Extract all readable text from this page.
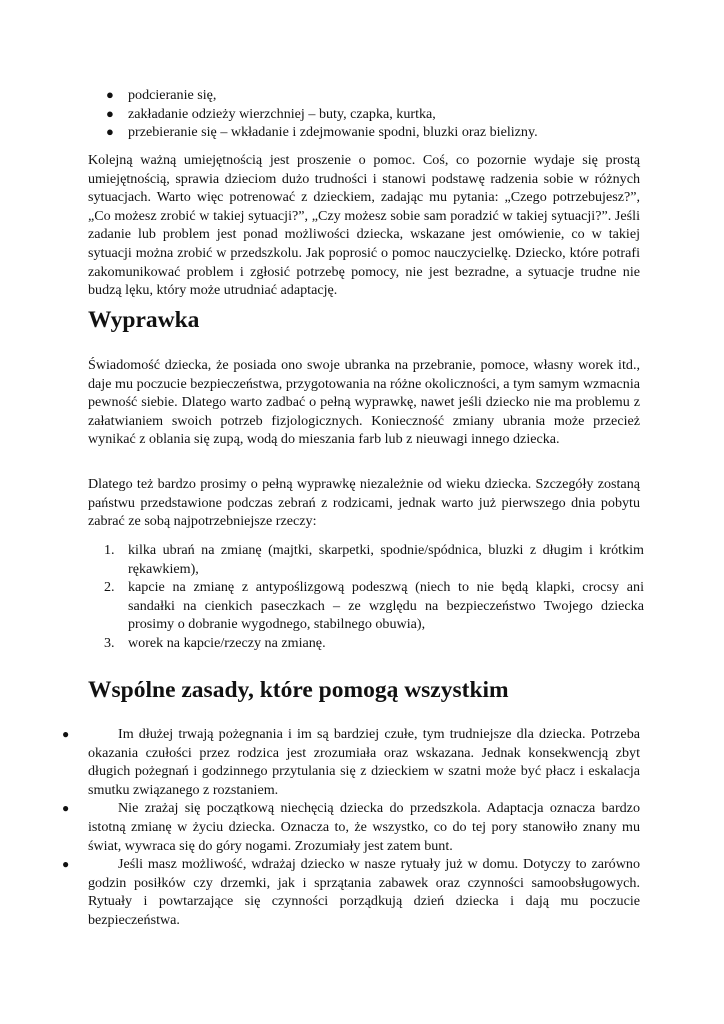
● podcieranie się,
● zakładanie odzieży wierzchniej – buty, czapka, kurtka,
● przebieranie się – wkładanie i zdejmowanie spodni, bluzki oraz bielizny.

Kolejną ważną umiejętnością jest proszenie o pomoc. Coś, co pozornie wydaje się prostą umiejętnością, sprawia dzieciom dużo trudności i stanowi podstawę radzenia sobie w różnych sytuacjach. Warto więc potrenować z dzieckiem, zadając mu pytania: „Czego potrzebujesz?”, „Co możesz zrobić w takiej sytuacji?”, „Czy możesz sobie sam poradzić w takiej sytuacji?”. Jeśli zadanie lub problem jest ponad możliwości dziecka, wskazane jest omówienie, co w takiej sytuacji można zrobić w przedszkolu. Jak poprosić o pomoc nauczycielkę. Dziecko, które potrafi zakomunikować problem i zgłosić potrzebę pomocy, nie jest bezradne, a sytuacje trudne nie budzą lęku, który może utrudniać adaptację.

Wyprawka

Świadomość dziecka, że posiada ono swoje ubranka na przebranie, pomoce, własny worek itd., daje mu poczucie bezpieczeństwa, przygotowania na różne okoliczności, a tym samym wzmacnia pewność siebie. Dlatego warto zadbać o pełną wyprawkę, nawet jeśli dziecko nie ma problemu z załatwianiem swoich potrzeb fizjologicznych. Konieczność zmiany ubrania może przecież wynikać z oblania się zupą, wodą do mieszania farb lub z nieuwagi innego dziecka.

Dlatego też bardzo prosimy o pełną wyprawkę niezależnie od wieku dziecka. Szczegóły zostaną państwu przedstawione podczas zebrań z rodzicami, jednak warto już pierwszego dnia pobytu zabrać ze sobą najpotrzebniejsze rzeczy:

1. kilka ubrań na zmianę (majtki, skarpetki, spodnie/spódnica, bluzki z długim i krótkim rękawkiem),
2. kapcie na zmianę z antypoślizgową podeszwą (niech to nie będą klapki, crocsy ani sandałki na cienkich paseczkach – ze względu na bezpieczeństwo Twojego dziecka prosimy o dobranie wygodnego, stabilnego obuwia),
3. worek na kapcie/rzeczy na zmianę.
Wspólne zasady, które pomogą wszystkim
●	Im dłużej trwają pożegnania i im są bardziej czułe, tym trudniejsze dla dziecka. Potrzeba okazania czułości przez rodzica jest zrozumiała oraz wskazana. Jednak konsekwencją zbyt długich pożegnań i godzinnego przytulania się z dzieckiem w szatni może być płacz i eskalacja smutku związanego z rozstaniem.
●	Nie zrażaj się początkową niechęcią dziecka do przedszkola. Adaptacja oznacza bardzo istotną zmianę w życiu dziecka. Oznacza to, że wszystko, co do tej pory stanowiło znany mu świat, wywraca się do góry nogami. Zrozumiały jest zatem bunt.
●	Jeśli masz możliwość, wdrażaj dziecko w nasze rytuały już w domu. Dotyczy to zarówno godzin posiłków czy drzemki, jak i sprzątania zabawek oraz czynności samoobsługowych. Rytuały i powtarzające się czynności porządkują dzień dziecka i dają mu poczucie bezpieczeństwa.
